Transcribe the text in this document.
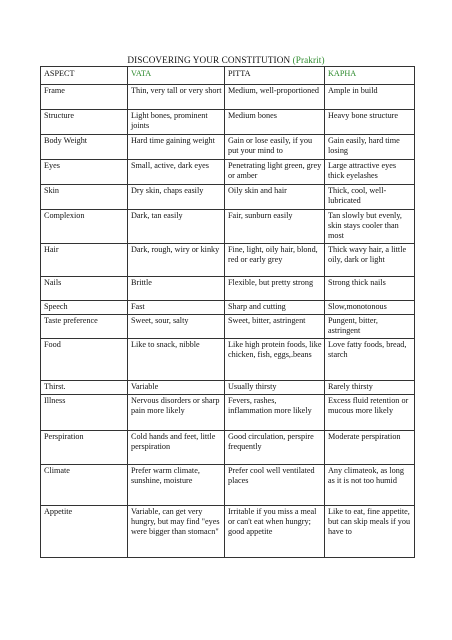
DISCOVERING YOUR CONSTITUTION (Prakrit)
ASPECT	VATA	PITTA	KAPHA
Frame	Thin, very tall or very short	Medium, well-proportioned	Ample in build
Structure	Light bones, prominent joints	Medium bones	Heavy bone structure
Body Weight	Hard time gaining weight	Gain or lose easily, if you put your mind to	Gain easily, hard time losing
Eyes	Small, active, dark eyes	Penetrating light green, grey or amber	Large attractive eyes thick eyelashes
Skin	Dry skin, chaps easily	Oily skin and hair	Thick, cool, well-lubricated
Complexion	Dark, tan easily	Fair, sunburn easily	Tan slowly but evenly, skin stays cooler than most
Hair	Dark, rough, wiry or kinky	Fine, light, oily hair, blond, red or early grey	Thick wavy hair, a little oily, dark or light
Nails	Brittle	Flexible, but pretty strong	Strong thick nails
Speech	Fast	Sharp and cutting	Slow,monotonous
Taste preference	Sweet, sour, salty	Sweet, bitter, astringent	Pungent, bitter, astringent
Food	Like to snack, nibble	Like high protein foods, like chicken, fish, eggs,.beans	Love fatty foods, bread, starch
Thirst.	Variable	Usually thirsty	Rarely thirsty
Illness	Nervous disorders or sharp pain more likely	Fevers, rashes, inflammation more likely	Excess fluid retention or mucous more likely
Perspiration	Cold hands and feet, little perspiration	Good circulation, perspire frequently	Moderate perspiration
Climate	Prefer warm climate, sunshine, moisture	Prefer cool well ventilated places	Any climateok, as long as it is not too humid
Appetite	Variable, can get very hungry, but may find "eyes were bigger than stomacn"	Irritable if you miss a meal or can't eat when hungry; good appetite	Like to eat, fine appetite, but can skip meals if you have to
